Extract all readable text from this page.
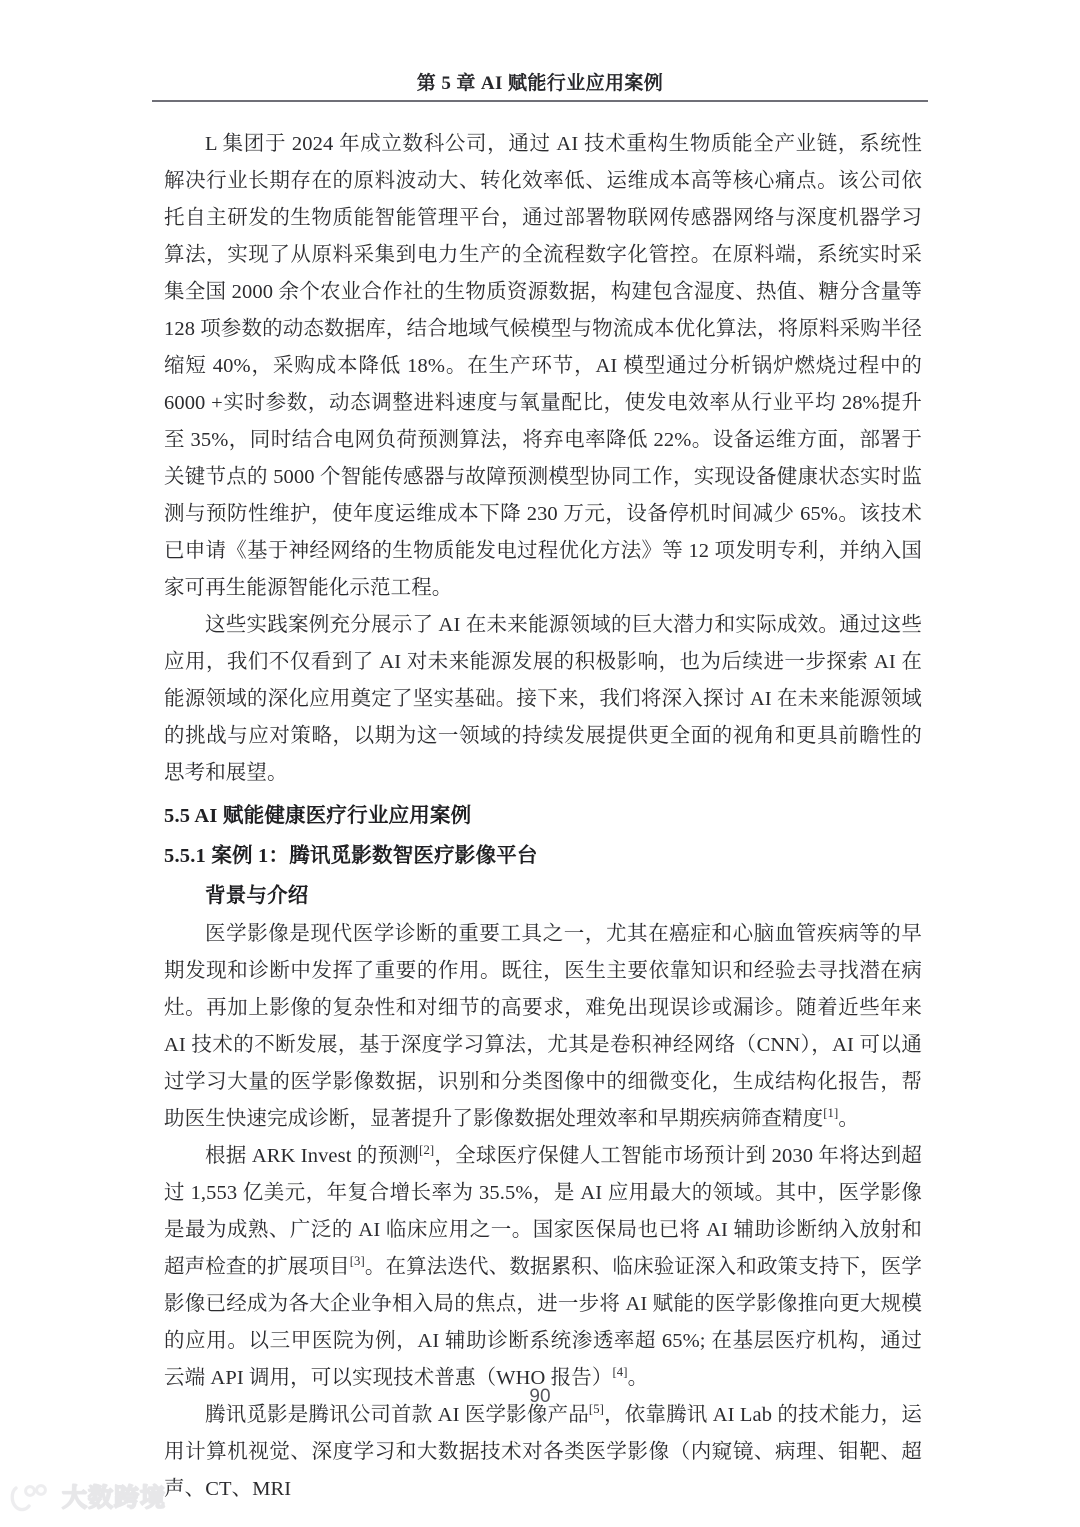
第 5 章 AI 赋能行业应用案例

L 集团于 2024 年成立数科公司，通过 AI 技术重构生物质能全产业链，系统性解决行业长期存在的原料波动大、转化效率低、运维成本高等核心痛点。该公司依托自主研发的生物质能智能管理平台，通过部署物联网传感器网络与深度机器学习算法，实现了从原料采集到电力生产的全流程数字化管控。在原料端，系统实时采集全国 2000 余个农业合作社的生物质资源数据，构建包含湿度、热值、糖分含量等 128 项参数的动态数据库，结合地域气候模型与物流成本优化算法，将原料采购半径缩短 40%，采购成本降低 18%。在生产环节，AI 模型通过分析锅炉燃烧过程中的 6000 +实时参数，动态调整进料速度与氧量配比，使发电效率从行业平均 28%提升至 35%，同时结合电网负荷预测算法，将弃电率降低 22%。设备运维方面，部署于关键节点的 5000 个智能传感器与故障预测模型协同工作，实现设备健康状态实时监测与预防性维护，使年度运维成本下降 230 万元，设备停机时间减少 65%。该技术已申请《基于神经网络的生物质能发电过程优化方法》等 12 项发明专利，并纳入国家可再生能源智能化示范工程。

这些实践案例充分展示了 AI 在未来能源领域的巨大潜力和实际成效。通过这些应用，我们不仅看到了 AI 对未来能源发展的积极影响，也为后续进一步探索 AI 在能源领域的深化应用奠定了坚实基础。接下来，我们将深入探讨 AI 在未来能源领域的挑战与应对策略，以期为这一领域的持续发展提供更全面的视角和更具前瞻性的思考和展望。

5.5 AI 赋能健康医疗行业应用案例
5.5.1 案例 1：腾讯觅影数智医疗影像平台
背景与介绍

医学影像是现代医学诊断的重要工具之一，尤其在癌症和心脑血管疾病等的早期发现和诊断中发挥了重要的作用。既往，医生主要依靠知识和经验去寻找潜在病灶。再加上影像的复杂性和对细节的高要求，难免出现误诊或漏诊。随着近些年来 AI 技术的不断发展，基于深度学习算法，尤其是卷积神经网络（CNN），AI 可以通过学习大量的医学影像数据，识别和分类图像中的细微变化，生成结构化报告，帮助医生快速完成诊断，显著提升了影像数据处理效率和早期疾病筛查精度[1]。

根据 ARK Invest 的预测[2]，全球医疗保健人工智能市场预计到 2030 年将达到超过 1,553 亿美元，年复合增长率为 35.5%，是 AI 应用最大的领域。其中，医学影像是最为成熟、广泛的 AI 临床应用之一。国家医保局也已将 AI 辅助诊断纳入放射和超声检查的扩展项目[3]。在算法迭代、数据累积、临床验证深入和政策支持下，医学影像已经成为各大企业争相入局的焦点，进一步将 AI 赋能的医学影像推向更大规模的应用。以三甲医院为例，AI 辅助诊断系统渗透率超 65%; 在基层医疗机构，通过云端 API 调用，可以实现技术普惠（WHO 报告）[4]。

腾讯觅影是腾讯公司首款 AI 医学影像产品[5]，依靠腾讯 AI Lab 的技术能力，运用计算机视觉、深度学习和大数据技术对各类医学影像（内窥镜、病理、钼靶、超声、CT、MRI

90
大数跨境
